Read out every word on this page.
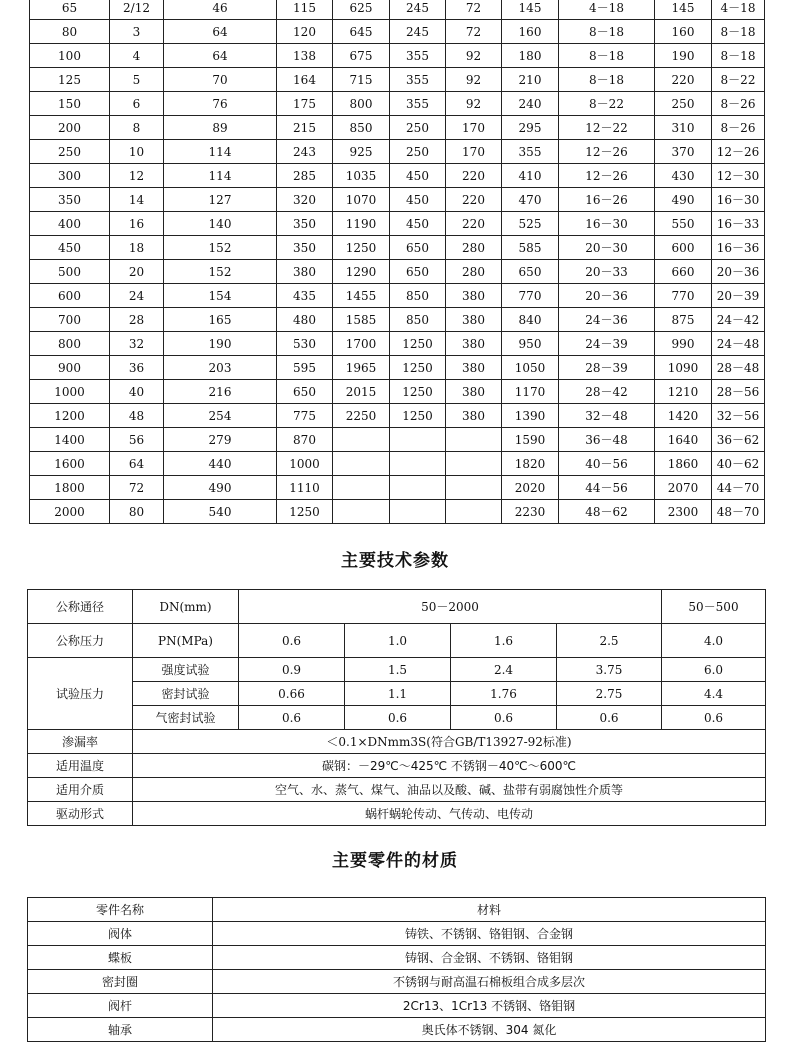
65	2/12	46	115	625	245	72	145	4－18	145	4－18
80	3	64	120	645	245	72	160	8－18	160	8－18
100	4	64	138	675	355	92	180	8－18	190	8－18
125	5	70	164	715	355	92	210	8－18	220	8－22
150	6	76	175	800	355	92	240	8－22	250	8－26
200	8	89	215	850	250	170	295	12－22	310	8－26
250	10	114	243	925	250	170	355	12－26	370	12－26
300	12	114	285	1035	450	220	410	12－26	430	12－30
350	14	127	320	1070	450	220	470	16－26	490	16－30
400	16	140	350	1190	450	220	525	16－30	550	16－33
450	18	152	350	1250	650	280	585	20－30	600	16－36
500	20	152	380	1290	650	280	650	20－33	660	20－36
600	24	154	435	1455	850	380	770	20－36	770	20－39
700	28	165	480	1585	850	380	840	24－36	875	24－42
800	32	190	530	1700	1250	380	950	24－39	990	24－48
900	36	203	595	1965	1250	380	1050	28－39	1090	28－48
1000	40	216	650	2015	1250	380	1170	28－42	1210	28－56
1200	48	254	775	2250	1250	380	1390	32－48	1420	32－56
1400	56	279	870				1590	36－48	1640	36－62
1600	64	440	1000				1820	40－56	1860	40－62
1800	72	490	1110				2020	44－56	2070	44－70
2000	80	540	1250				2230	48－62	2300	48－70
主要技术参数
公称通径	DN(mm)	50－2000				50－500
公称压力	PN(MPa)	0.6	1.0	1.6	2.5	4.0
试验压力	强度试验	0.9	1.5	2.4	3.75	6.0
	密封试验	0.66	1.1	1.76	2.75	4.4
	气密封试验	0.6	0.6	0.6	0.6	0.6
渗漏率	＜0.1×DNmm3S(符合GB/T13927-92标准)					
适用温度	碳钢：－29℃～425℃ 不锈钢－40℃～600℃					
适用介质	空气、水、蒸气、煤气、油品以及酸、碱、盐带有弱腐蚀性介质等					
驱动形式	蜗杆蜗轮传动、气传动、电传动					
主要零件的材质
零件名称	材料
阀体	铸铁、不锈钢、铬钼钢、合金钢
蝶板	铸钢、合金钢、不锈钢、铬钼钢
密封圈	不锈钢与耐高温石棉板组合成多层次
阀杆	2Cr13、1Cr13 不锈钢、铬钼钢
轴承	奥氏体不锈钢、304 氮化
